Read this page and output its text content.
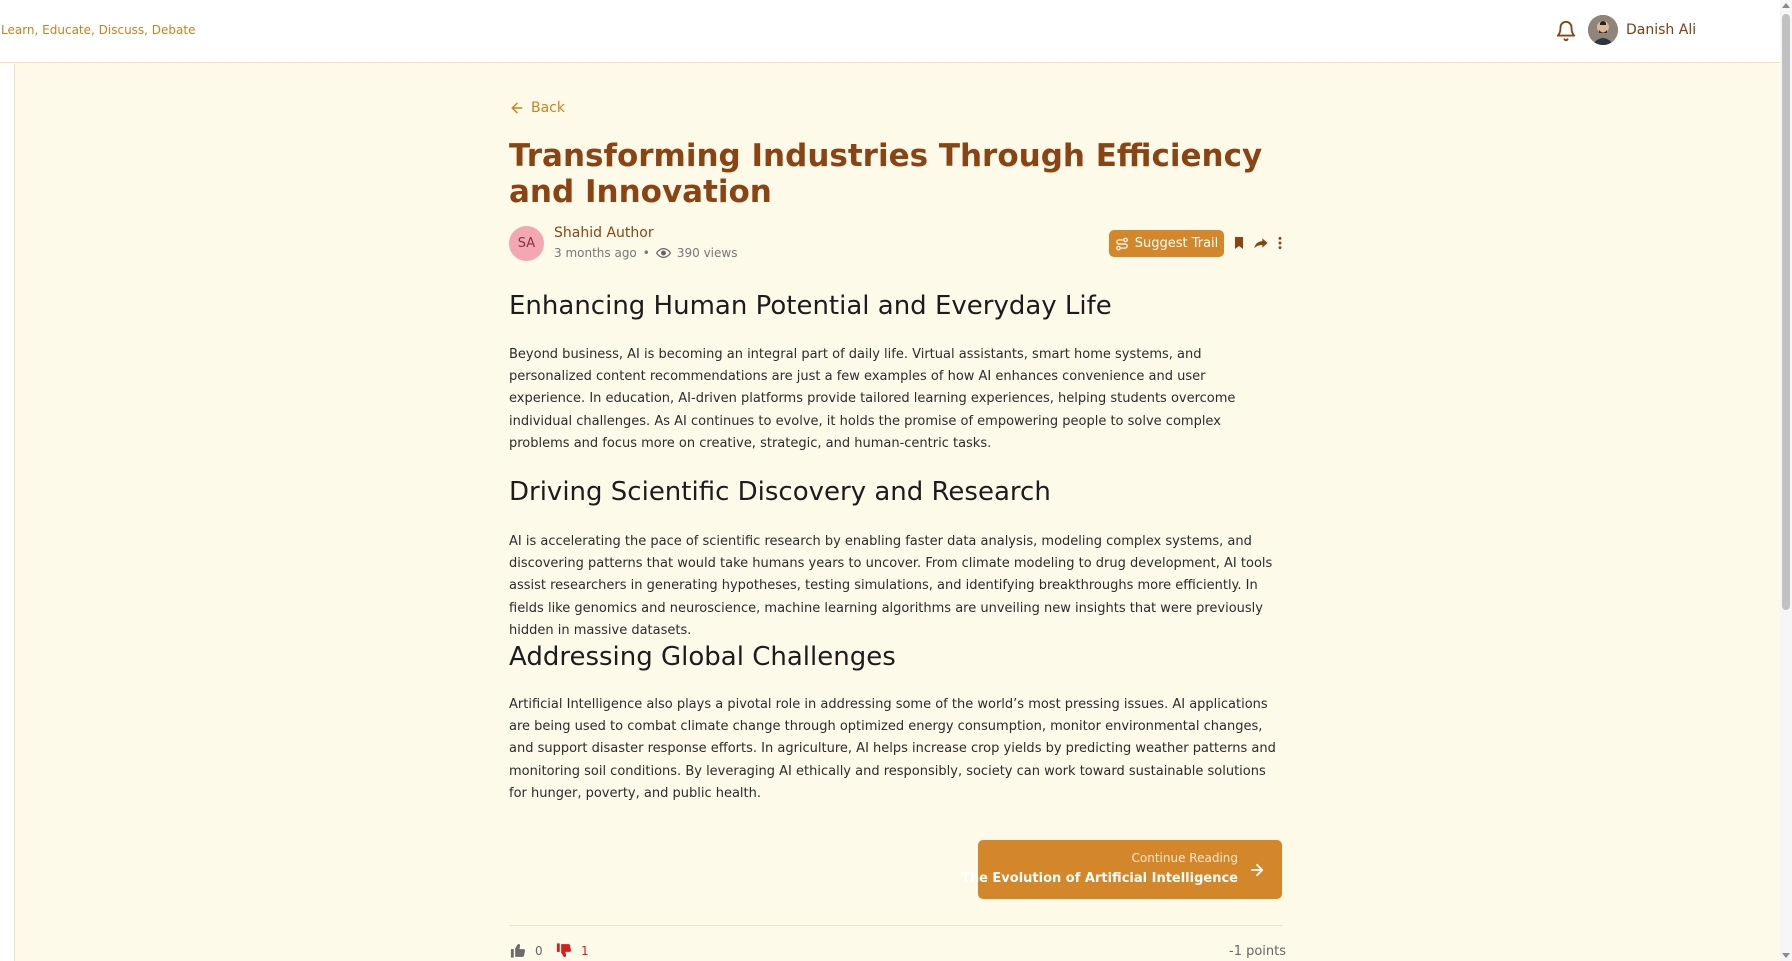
Learn, Educate, Discuss, Debate	Danish Ali
Back
Transforming Industries Through Efficiency and Innovation
SA
Shahid Author
3 months ago • 390 views
Suggest Trail
Enhancing Human Potential and Everyday Life

Beyond business, AI is becoming an integral part of daily life. Virtual assistants, smart home systems, and personalized content recommendations are just a few examples of how AI enhances convenience and user experience. In education, AI-driven platforms provide tailored learning experiences, helping students overcome individual challenges. As AI continues to evolve, it holds the promise of empowering people to solve complex problems and focus more on creative, strategic, and human-centric tasks.

Driving Scientific Discovery and Research

AI is accelerating the pace of scientific research by enabling faster data analysis, modeling complex systems, and discovering patterns that would take humans years to uncover. From climate modeling to drug development, AI tools assist researchers in generating hypotheses, testing simulations, and identifying breakthroughs more efficiently. In fields like genomics and neuroscience, machine learning algorithms are unveiling new insights that were previously hidden in massive datasets.

Addressing Global Challenges

Artificial Intelligence also plays a pivotal role in addressing some of the world’s most pressing issues. AI applications are being used to combat climate change through optimized energy consumption, monitor environmental changes, and support disaster response efforts. In agriculture, AI helps increase crop yields by predicting weather patterns and monitoring soil conditions. By leveraging AI ethically and responsibly, society can work toward sustainable solutions for hunger, poverty, and public health.

Continue Reading
The Evolution of Artificial Intelligence
0	1	-1 points
